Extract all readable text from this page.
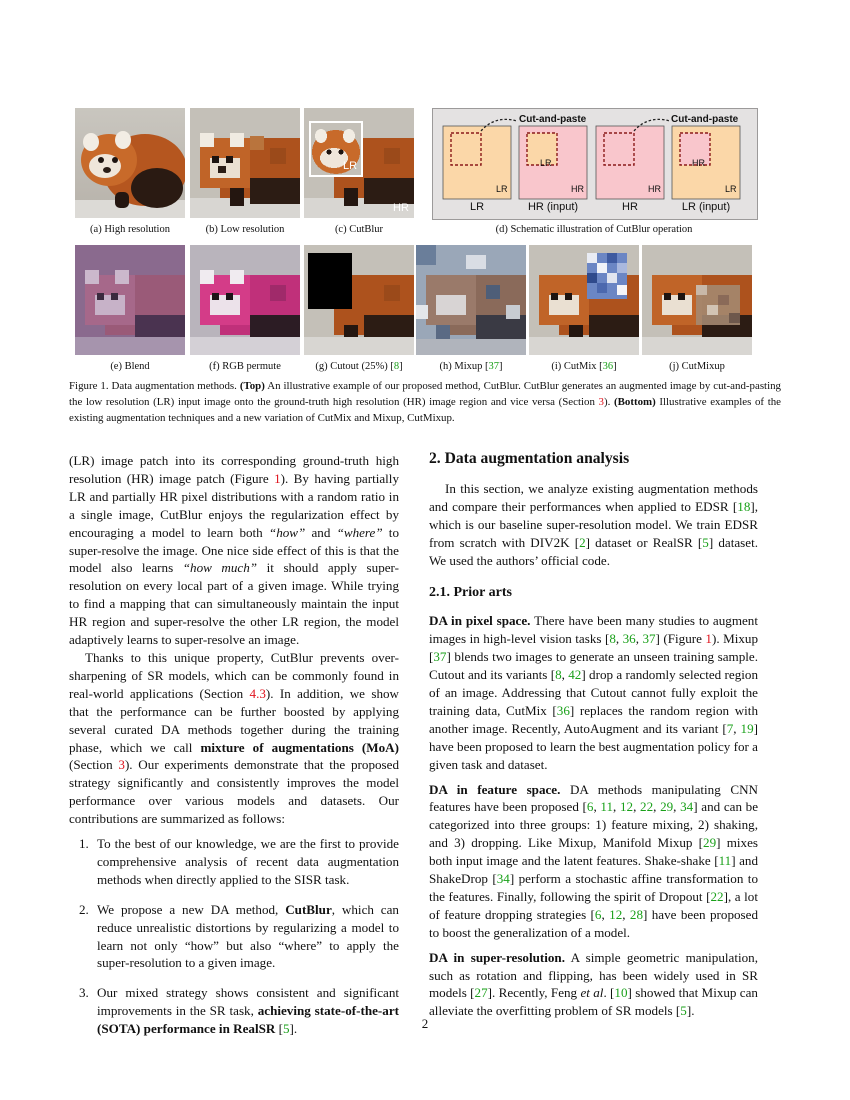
LR
HR
Cut-and-paste	Cut-and-paste
LR	HR
LR	HR	HR	LR
LR	HR (input)	HR	LR (input)
(a) High resolution	(b) Low resolution	(c) CutBlur	(d) Schematic illustration of CutBlur operation
(e) Blend	(f) RGB permute	(g) Cutout (25%) [8]	(h) Mixup [37]	(i) CutMix [36]	(j) CutMixup
Figure 1. Data augmentation methods. (Top) An illustrative example of our proposed method, CutBlur. CutBlur generates an augmented image by cut-and-pasting the low resolution (LR) input image onto the ground-truth high resolution (HR) image region and vice versa (Section 3). (Bottom) Illustrative examples of the existing augmentation techniques and a new variation of CutMix and Mixup, CutMixup.

(LR) image patch into its corresponding ground-truth high resolution (HR) image patch (Figure 1). By having partially LR and partially HR pixel distributions with a random ratio in a single image, CutBlur enjoys the regularization effect by encouraging a model to learn both “how” and “where” to super-resolve the image. One nice side effect of this is that the model also learns “how much” it should apply super-resolution on every local part of a given image. While trying to find a mapping that can simultaneously maintain the input HR region and super-resolve the other LR region, the model adaptively learns to super-resolve an image.

Thanks to this unique property, CutBlur prevents over-sharpening of SR models, which can be commonly found in real-world applications (Section 4.3). In addition, we show that the performance can be further boosted by applying several curated DA methods together during the training phase, which we call mixture of augmentations (MoA) (Section 3). Our experiments demonstrate that the proposed strategy significantly and consistently improves the model performance over various models and datasets. Our contributions are summarized as follows:

1. To the best of our knowledge, we are the first to provide comprehensive analysis of recent data augmentation methods when directly applied to the SISR task.
2. We propose a new DA method, CutBlur, which can reduce unrealistic distortions by regularizing a model to learn not only “how” but also “where” to apply the super-resolution to a given image.
3. Our mixed strategy shows consistent and significant improvements in the SR task, achieving state-of-the-art (SOTA) performance in RealSR [5].
2. Data augmentation analysis

In this section, we analyze existing augmentation methods and compare their performances when applied to EDSR [18], which is our baseline super-resolution model. We train EDSR from scratch with DIV2K [2] dataset or RealSR [5] dataset. We used the authors’ official code.

2.1. Prior arts

DA in pixel space. There have been many studies to augment images in high-level vision tasks [8, 36, 37] (Figure 1). Mixup [37] blends two images to generate an unseen training sample. Cutout and its variants [8, 42] drop a randomly selected region of an image. Addressing that Cutout cannot fully exploit the training data, CutMix [36] replaces the random region with another image. Recently, AutoAugment and its variant [7, 19] have been proposed to learn the best augmentation policy for a given task and dataset.

DA in feature space. DA methods manipulating CNN features have been proposed [6, 11, 12, 22, 29, 34] and can be categorized into three groups: 1) feature mixing, 2) shaking, and 3) dropping. Like Mixup, Manifold Mixup [29] mixes both input image and the latent features. Shake-shake [11] and ShakeDrop [34] perform a stochastic affine transformation to the features. Finally, following the spirit of Dropout [22], a lot of feature dropping strategies [6, 12, 28] have been proposed to boost the generalization of a model.

DA in super-resolution. A simple geometric manipulation, such as rotation and flipping, has been widely used in SR models [27]. Recently, Feng et al. [10] showed that Mixup can alleviate the overfitting problem of SR models [5].

2
